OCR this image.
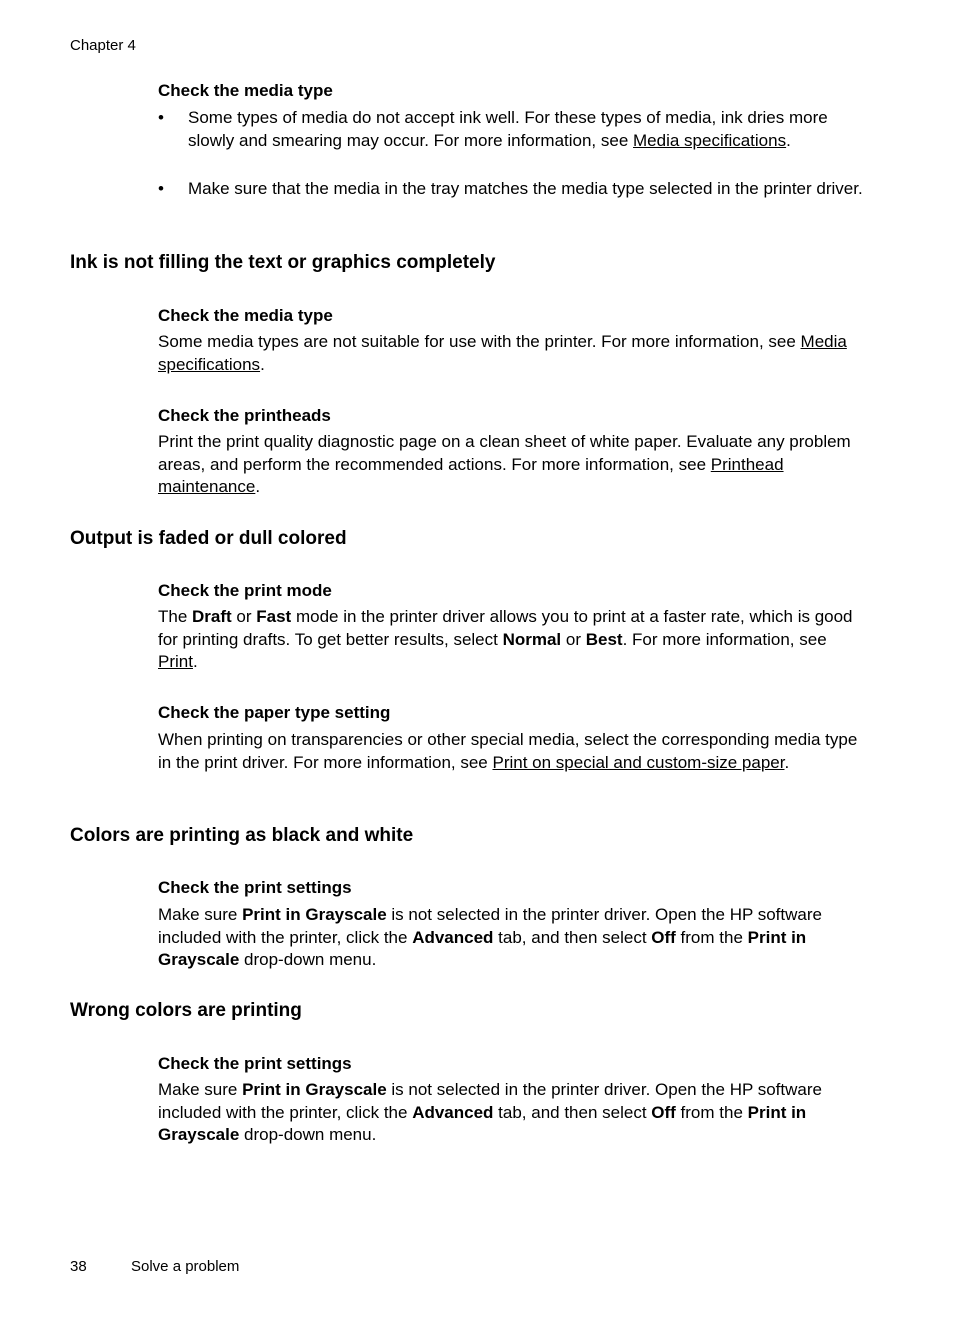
Chapter 4
Check the media type
•	Some types of media do not accept ink well. For these types of media, ink dries more slowly and smearing may occur. For more information, see Media specifications.
•	Make sure that the media in the tray matches the media type selected in the printer driver.
Ink is not filling the text or graphics completely
Check the media type
Some media types are not suitable for use with the printer. For more information, see Media specifications.
Check the printheads
Print the print quality diagnostic page on a clean sheet of white paper. Evaluate any problem areas, and perform the recommended actions. For more information, see Printhead maintenance.
Output is faded or dull colored
Check the print mode
The Draft or Fast mode in the printer driver allows you to print at a faster rate, which is good for printing drafts. To get better results, select Normal or Best. For more information, see Print.
Check the paper type setting
When printing on transparencies or other special media, select the corresponding media type in the print driver. For more information, see Print on special and custom-size paper.
Colors are printing as black and white
Check the print settings
Make sure Print in Grayscale is not selected in the printer driver. Open the HP software included with the printer, click the Advanced tab, and then select Off from the Print in Grayscale drop-down menu.
Wrong colors are printing
Check the print settings
Make sure Print in Grayscale is not selected in the printer driver. Open the HP software included with the printer, click the Advanced tab, and then select Off from the Print in Grayscale drop-down menu.
38	Solve a problem
